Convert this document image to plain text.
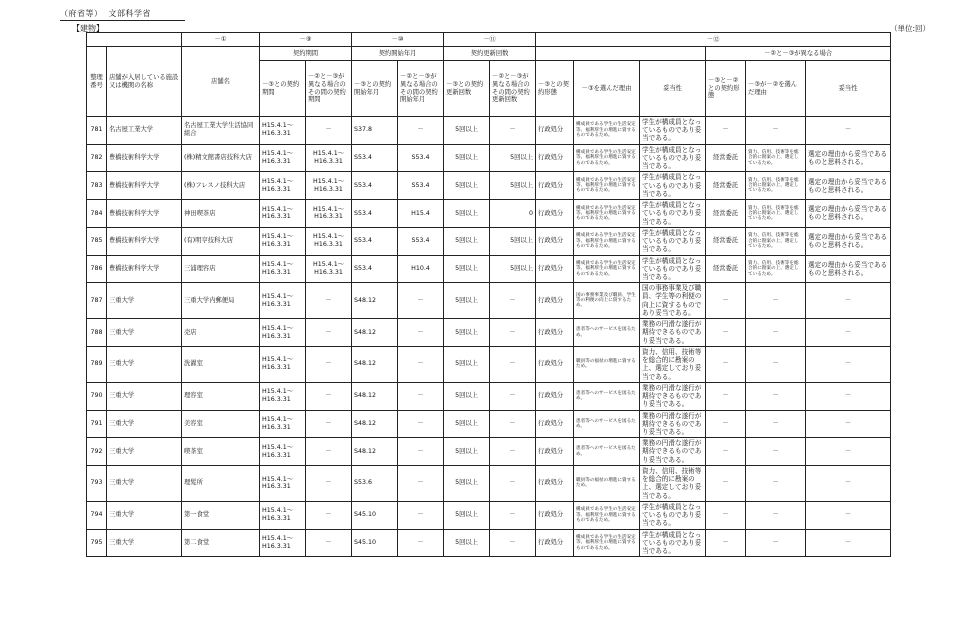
（府省等） 文部科学省
【建物】	（単位:回）
		－①	－⑨		－⑩		－⑪		－⑫					
整理番号	店舗が入居している施設又は機関の名称	店舗名	契約期間		契約開始年月		契約更新回数					－②と－③が異なる場合		
			－③との契約期間	－②と－③が異なる場合のその間の契約期間	－③との契約開始年月	－②と－③が異なる場合のその間の契約開始年月	－③との契約更新回数	－②と－③が異なる場合のその間の契約更新回数	－③との契約形態	－③を選んだ理由	妥当性	－③と－②との契約形態	－③が－②を選んだ理由	妥当性
781	名古屋工業大学	名古屋工業大学生活協同組合	H15.4.1～H16.3.31	－	S37.8	－	5回以上	－	行政処分	構成員である学生の生活安定等、福利厚生の増進に資するものであるため。	学生が構成員となっているものであり妥当である。	－	－	－
782	豊橋技術科学大学	(株)精文館書店技科大店	H15.4.1～H16.3.31	H15.4.1～H16.3.31	S53.4	S53.4	5回以上	5回以上	行政処分	構成員である学生の生活安定等、福利厚生の増進に資するものであるため。	学生が構成員となっているものであり妥当である。	経営委託	資力、信用、技術等を総合的に勘案の上、選定しているため。	選定の理由から妥当であるものと思料される。
783	豊橋技術科学大学	(株)フレスノ技科大店	H15.4.1～H16.3.31	H15.4.1～H16.3.31	S53.4	S53.4	5回以上	5回以上	行政処分	構成員である学生の生活安定等、福利厚生の増進に資するものであるため。	学生が構成員となっているものであり妥当である。	経営委託	資力、信用、技術等を総合的に勘案の上、選定しているため。	選定の理由から妥当であるものと思料される。
784	豊橋技術科学大学	神田喫茶店	H15.4.1～H16.3.31	H15.4.1～H16.3.31	S53.4	H15.4	5回以上	0	行政処分	構成員である学生の生活安定等、福利厚生の増進に資するものであるため。	学生が構成員となっているものであり妥当である。	経営委託	資力、信用、技術等を総合的に勘案の上、選定しているため。	選定の理由から妥当であるものと思料される。
785	豊橋技術科学大学	(有)明亨技科大店	H15.4.1～H16.3.31	H15.4.1～H16.3.31	S53.4	S53.4	5回以上	5回以上	行政処分	構成員である学生の生活安定等、福利厚生の増進に資するものであるため。	学生が構成員となっているものであり妥当である。	経営委託	資力、信用、技術等を総合的に勘案の上、選定しているため。	選定の理由から妥当であるものと思料される。
786	豊橋技術科学大学	三浦理容店	H15.4.1～H16.3.31	H15.4.1～H16.3.31	S53.4	H10.4	5回以上	5回以上	行政処分	構成員である学生の生活安定等、福利厚生の増進に資するものであるため。	学生が構成員となっているものであり妥当である。	経営委託	資力、信用、技術等を総合的に勘案の上、選定しているため。	選定の理由から妥当であるものと思料される。
787	三重大学	三重大学内郵便局	H15.4.1～H16.3.31	－	S48.12	－	5回以上	－	行政処分	国の事務事業及び職員、学生等の利便の向上に資するため。	国の事務事業及び職員、学生等の利便の向上に資するものであり妥当である。	－	－	－
788	三重大学	売店	H15.4.1～H16.3.31	－	S48.12	－	5回以上	－	行政処分	患者等へのサービスを図るため。	業務の円滑な遂行が期待できるものであり妥当である。	－	－	－
789	三重大学	洗濯室	H15.4.1～H16.3.31	－	S48.12	－	5回以上	－	行政処分	職員等の福祉の増進に資するため。	資力、信用、技術等を総合的に勘案の上、選定しており妥当である。	－	－	－
790	三重大学	理容室	H15.4.1～H16.3.31	－	S48.12	－	5回以上	－	行政処分	患者等へのサービスを図るため。	業務の円滑な遂行が期待できるものであり妥当である。	－	－	－
791	三重大学	美容室	H15.4.1～H16.3.31	－	S48.12	－	5回以上	－	行政処分	患者等へのサービスを図るため。	業務の円滑な遂行が期待できるものであり妥当である。	－	－	－
792	三重大学	喫茶室	H15.4.1～H16.3.31	－	S48.12	－	5回以上	－	行政処分	患者等へのサービスを図るため。	業務の円滑な遂行が期待できるものであり妥当である。	－	－	－
793	三重大学	理髪所	H15.4.1～H16.3.31	－	S53.6	－	5回以上	－	行政処分	職員等の福祉の増進に資するため。	資力、信用、技術等を総合的に勘案の上、選定しており妥当である。	－	－	－
794	三重大学	第一食堂	H15.4.1～H16.3.31	－	S45.10	－	5回以上	－	行政処分	構成員である学生の生活安定等、福利厚生の増進に資するものであるため。	学生が構成員となっているものであり妥当である。	－	－	－
795	三重大学	第二食堂	H15.4.1～H16.3.31	－	S45.10	－	5回以上	－	行政処分	構成員である学生の生活安定等、福利厚生の増進に資するものであるため。	学生が構成員となっているものであり妥当である。	－	－	－
